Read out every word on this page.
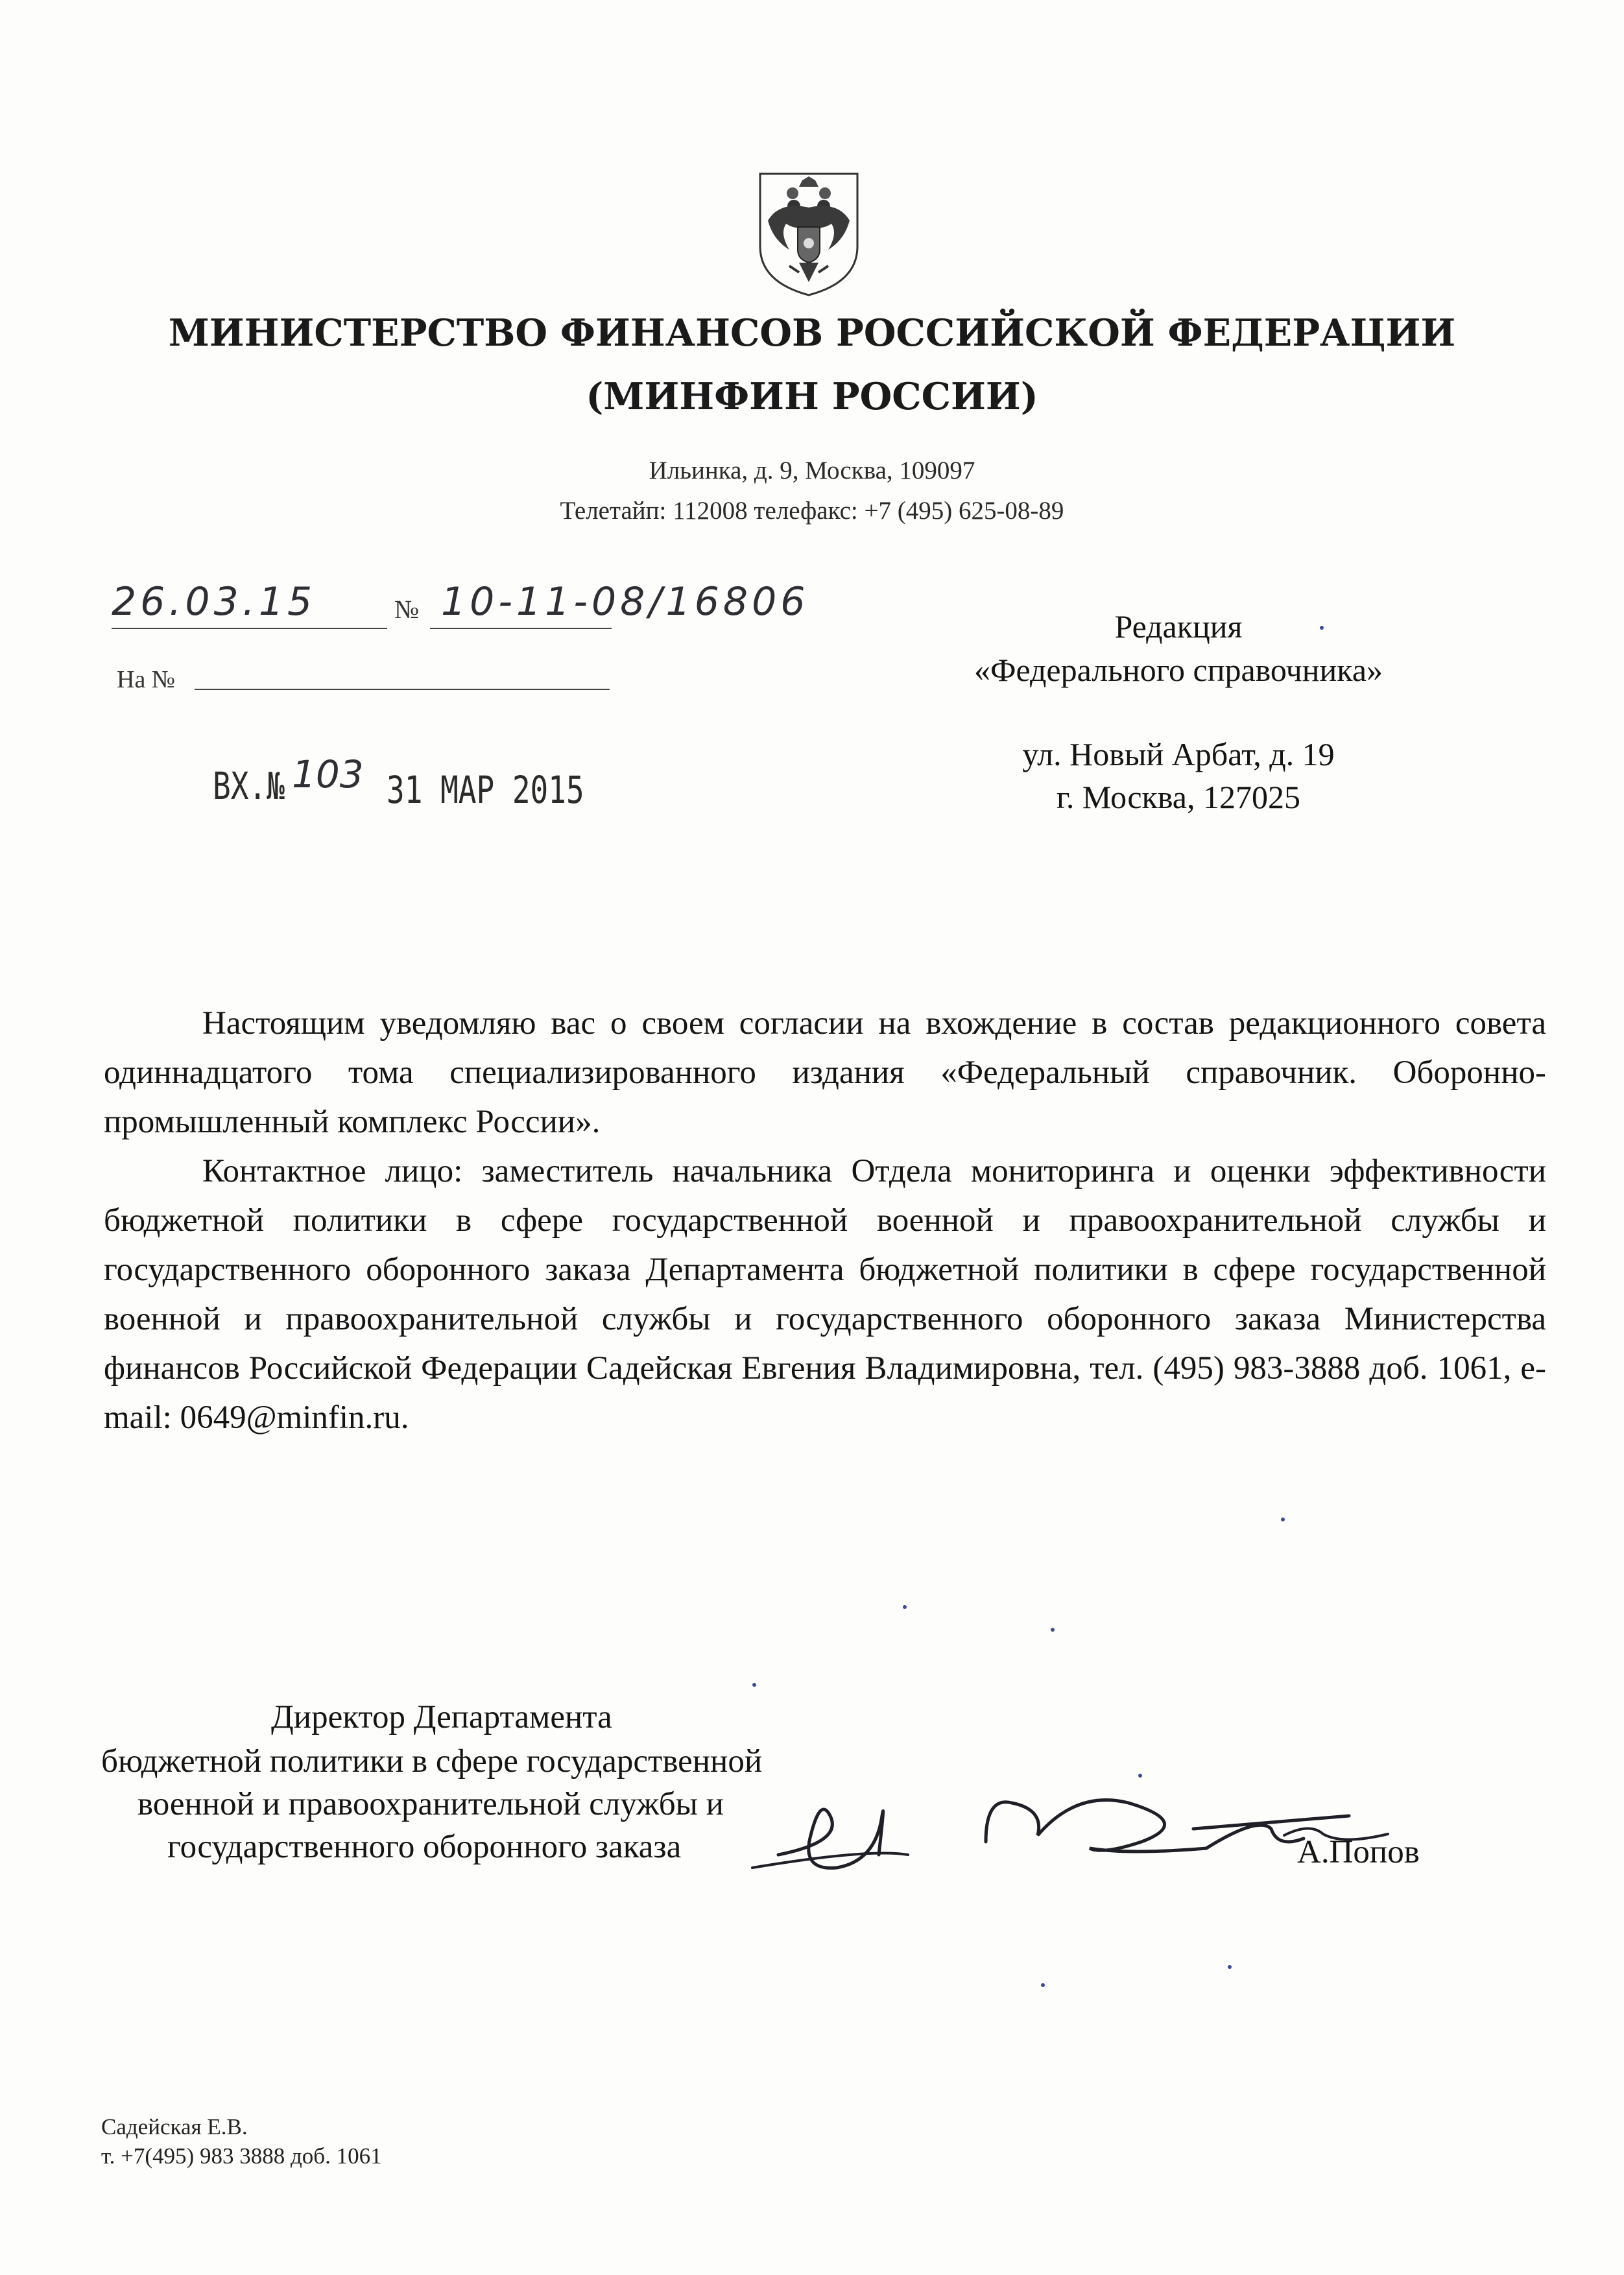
МИНИСТЕРСТВО ФИНАНСОВ РОССИЙСКОЙ ФЕДЕРАЦИИ
(МИНФИН РОССИИ)
Ильинка, д. 9, Москва, 109097
Телетайп: 112008 телефакс: +7 (495) 625-08-89
26.03.15	№ 10-11-08/16806
На №
ВХ.№ 103 31 МАР 2015
Редакция
«Федерального справочника»
ул. Новый Арбат, д. 19
г. Москва, 127025

Настоящим уведомляю вас о своем согласии на вхождение в состав редакционного совета одиннадцатого тома специализированного издания «Федеральный справочник. Оборонно-промышленный комплекс России».

Контактное лицо: заместитель начальника Отдела мониторинга и оценки эффективности бюджетной политики в сфере государственной военной и правоохранительной службы и государственного оборонного заказа Департамента бюджетной политики в сфере государственной военной и правоохранительной службы и государственного оборонного заказа Министерства финансов Российской Федерации Садейская Евгения Владимировна, тел. (495) 983-3888 доб. 1061, e-mail: 0649@minfin.ru.

Директор Департамента
бюджетной политики в сфере государственной
военной и правоохранительной службы и
государственного оборонного заказа	А.Попов
Садейская Е.В.
т. +7(495) 983 3888 доб. 1061
